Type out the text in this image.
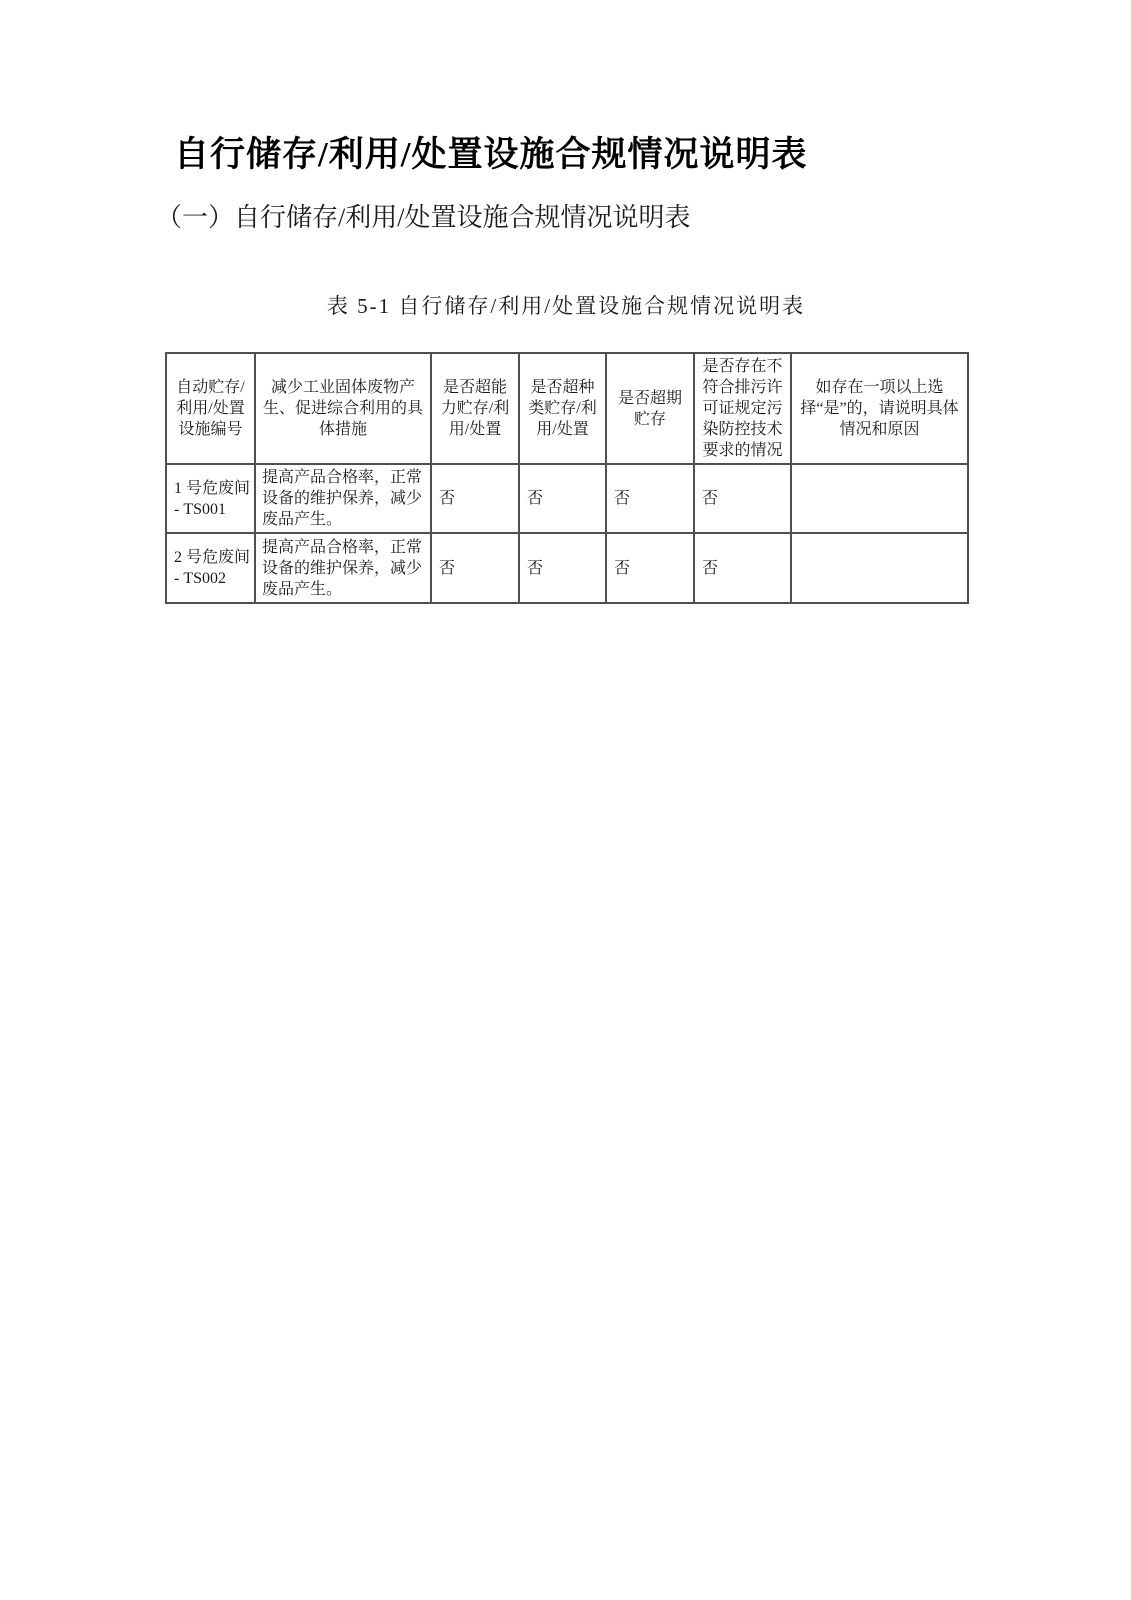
自行储存/利用/处置设施合规情况说明表
（一）自行储存/利用/处置设施合规情况说明表
表 5-1 自行储存/利用/处置设施合规情况说明表
自动贮存/利用/处置设施编号	减少工业固体废物产生、促进综合利用的具体措施	是否超能力贮存/利用/处置	是否超种类贮存/利用/处置	是否超期贮存	是否存在不符合排污许可证规定污染防控技术要求的情况	如存在一项以上选择“是”的，请说明具体情况和原因
1 号危废间 - TS001	提高产品合格率，正常设备的维护保养，减少废品产生。	否	否	否	否	
2 号危废间 - TS002	提高产品合格率，正常设备的维护保养，减少废品产生。	否	否	否	否	
